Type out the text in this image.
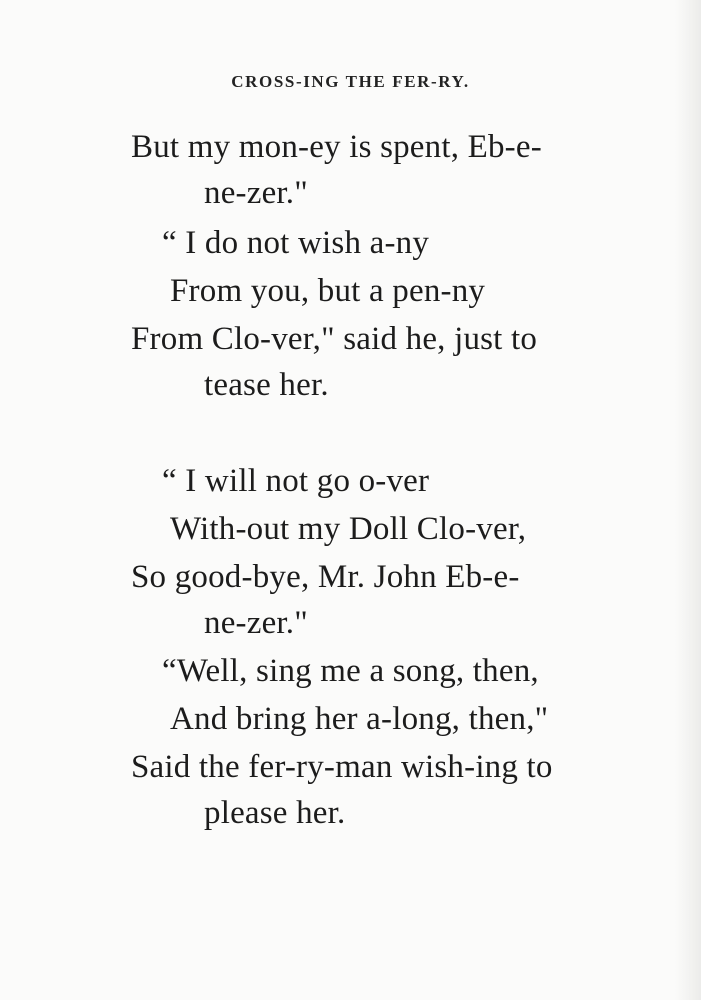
CROSS-ING THE FER-RY.

But my mon-ey is spent, Eb-e-

ne-zer."

“ I do not wish a-ny

From you, but a pen-ny

From Clo-ver," said he, just to

tease her.

“ I will not go o-ver

With-out my Doll Clo-ver,

So good-bye, Mr. John Eb-e-

ne-zer."

“Well, sing me a song, then,

And bring her a-long, then,"

Said the fer-ry-man wish-ing to

please her.
